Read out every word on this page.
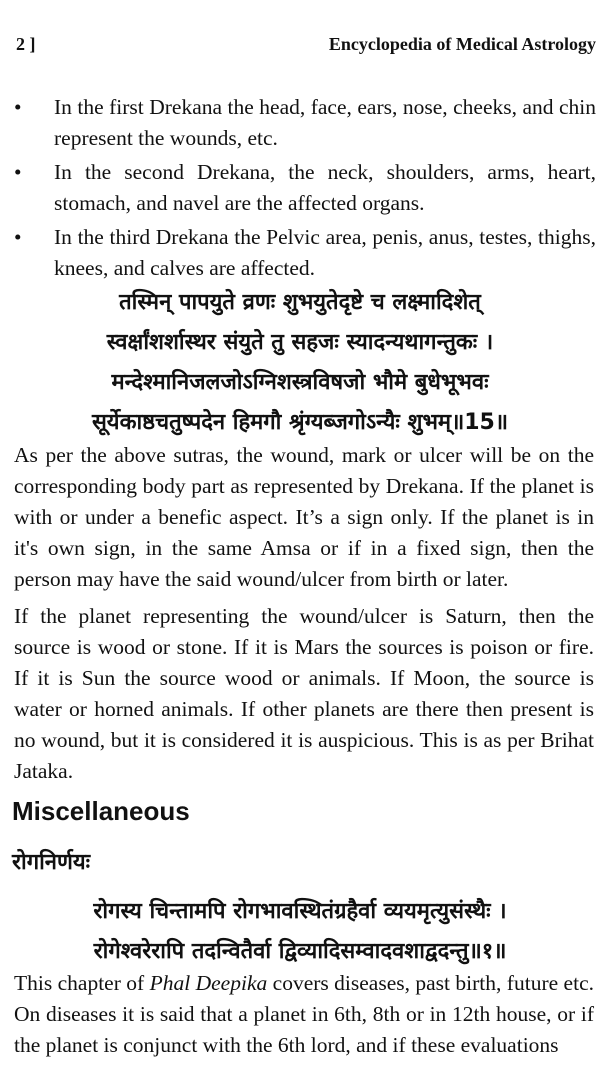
2 ]	Encyclopedia of Medical Astrology
•	In the first Drekana the head, face, ears, nose, cheeks, and chin represent the wounds, etc.
•	In the second Drekana, the neck, shoulders, arms, heart, stomach, and navel are the affected organs.
•	In the third Drekana the Pelvic area, penis, anus, testes, thighs, knees, and calves are affected.
तस्मिन् पापयुते व्रणः शुभयुतेदृष्टे च लक्ष्मादिशेत्
स्वर्क्षांशर्शास्थर संयुते तु सहजः स्यादन्यथागन्तुकः ।
मन्देश्मानिजलजोऽग्निशस्त्रविषजो भौमे बुधेभूभवः
सूर्येकाष्ठचतुष्पदेन हिमगौ श्रृंग्यब्जगोऽन्यैः शुभम्॥15॥

As per the above sutras, the wound, mark or ulcer will be on the corresponding body part as represented by Drekana. If the planet is with or under a benefic aspect. It’s a sign only. If the planet is in it's own sign, in the same Amsa or if in a fixed sign, then the person may have the said wound/ulcer from birth or later.

If the planet representing the wound/ulcer is Saturn, then the source is wood or stone. If it is Mars the sources is poison or fire. If it is Sun the source wood or animals. If Moon, the source is water or horned animals. If other planets are there then present is no wound, but it is considered it is auspicious. This is as per Brihat Jataka.

Miscellaneous
रोगनिर्णयः
रोगस्य चिन्तामपि रोगभावस्थितंग्रहैर्वा व्ययमृत्युसंस्थैः ।
रोगेश्वरेरापि तदन्वितैर्वा द्विव्यादिसम्वादवशाद्वदन्तु॥१॥

This chapter of Phal Deepika covers diseases, past birth, future etc. On diseases it is said that a planet in 6th, 8th or in 12th house, or if the planet is conjunct with the 6th lord, and if these evaluations
